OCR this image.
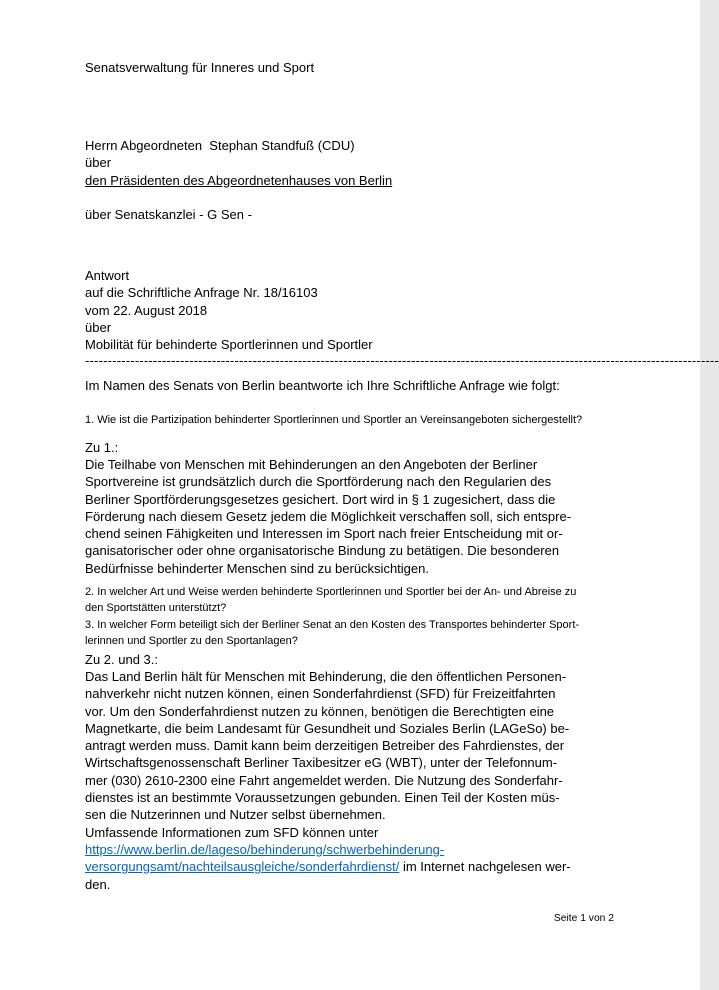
Senatsverwaltung für Inneres und Sport
Herrn Abgeordneten  Stephan Standfuß (CDU)
über
den Präsidenten des Abgeordnetenhauses von Berlin
über Senatskanzlei - G Sen -
Antwort
auf die Schriftliche Anfrage Nr. 18/16103
vom 22. August 2018
über
Mobilität für behinderte Sportlerinnen und Sportler
--------------------------------------------------------------------------------------------------------------------------------------------
Im Namen des Senats von Berlin beantworte ich Ihre Schriftliche Anfrage wie folgt:
1. Wie ist die Partizipation behinderter Sportlerinnen und Sportler an Vereinsangeboten sichergestellt?
Zu 1.:
Die Teilhabe von Menschen mit Behinderungen an den Angeboten der Berliner
Sportvereine ist grundsätzlich durch die Sportförderung nach den Regularien des
Berliner Sportförderungsgesetzes gesichert. Dort wird in § 1 zugesichert, dass die
Förderung nach diesem Gesetz jedem die Möglichkeit verschaffen soll, sich entspre-
chend seinen Fähigkeiten und Interessen im Sport nach freier Entscheidung mit or-
ganisatorischer oder ohne organisatorische Bindung zu betätigen. Die besonderen
Bedürfnisse behinderter Menschen sind zu berücksichtigen.
2. In welcher Art und Weise werden behinderte Sportlerinnen und Sportler bei der An- und Abreise zu
den Sportstätten unterstützt?
3. In welcher Form beteiligt sich der Berliner Senat an den Kosten des Transportes behinderter Sport-
lerinnen und Sportler zu den Sportanlagen?
Zu 2. und 3.:
Das Land Berlin hält für Menschen mit Behinderung, die den öffentlichen Personen-
nahverkehr nicht nutzen können, einen Sonderfahrdienst (SFD) für Freizeitfahrten
vor. Um den Sonderfahrdienst nutzen zu können, benötigen die Berechtigten eine
Magnetkarte, die beim Landesamt für Gesundheit und Soziales Berlin (LAGeSo) be-
antragt werden muss. Damit kann beim derzeitigen Betreiber des Fahrdienstes, der
Wirtschaftsgenossenschaft Berliner Taxibesitzer eG (WBT), unter der Telefonnum-
mer (030) 2610-2300 eine Fahrt angemeldet werden. Die Nutzung des Sonderfahr-
dienstes ist an bestimmte Voraussetzungen gebunden. Einen Teil der Kosten müs-
sen die Nutzerinnen und Nutzer selbst übernehmen.
Umfassende Informationen zum SFD können unter
https://www.berlin.de/lageso/behinderung/schwerbehinderung-
versorgungsamt/nachteilsausgleiche/sonderfahrdienst/ im Internet nachgelesen wer-
den.
Seite 1 von 2
